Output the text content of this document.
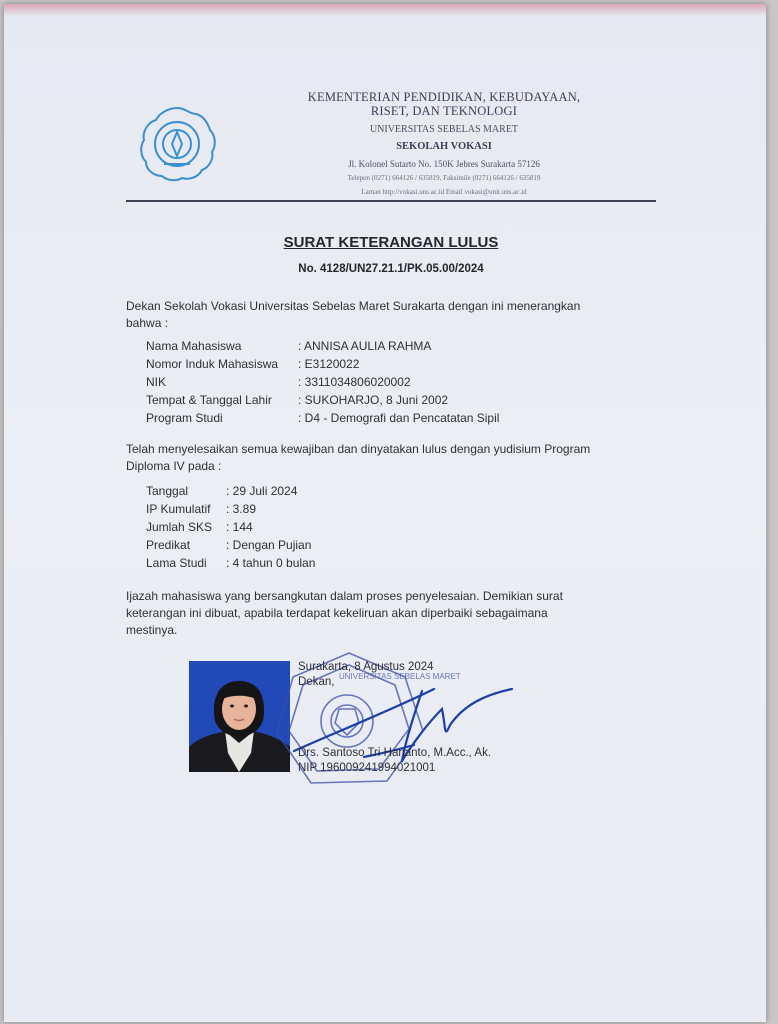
KEMENTERIAN PENDIDIKAN, KEBUDAYAAN,
RISET, DAN TEKNOLOGI
UNIVERSITAS SEBELAS MARET
SEKOLAH VOKASI
Jl. Kolonel Sutarto No. 150K Jebres Surakarta 57126
Telepon (0271) 664126 / 635819, Faksimile (0271) 664126 / 635819
Laman http://vokasi.uns.ac.id Email vokasi@unit.uns.ac.id
SURAT KETERANGAN LULUS
No. 4128/UN27.21.1/PK.05.00/2024
Dekan Sekolah Vokasi Universitas Sebelas Maret Surakarta dengan ini menerangkan
bahwa :
Nama Mahasiswa	: ANNISA AULIA RAHMA
Nomor Induk Mahasiswa : E3120022
NIK	: 3311034806020002
Tempat & Tanggal Lahir : SUKOHARJO, 8 Juni 2002
Program Studi	: D4 - Demografi dan Pencatatan Sipil
Telah menyelesaikan semua kewajiban dan dinyatakan lulus dengan yudisium Program
Diploma IV pada :
Tanggal	: 29 Juli 2024
IP Kumulatif : 3.89
Jumlah SKS : 144
Predikat	: Dengan Pujian
Lama Studi : 4 tahun 0 bulan
Ijazah mahasiswa yang bersangkutan dalam proses penyelesaian. Demikian surat
keterangan ini dibuat, apabila terdapat kekeliruan akan diperbaiki sebagaimana
mestinya.
UNIVERSITAS SEBELAS MARET
Surakarta, 8 Agustus 2024
Dekan,
Drs. Santoso Tri Hananto, M.Acc., Ak.
NIP 196009241994021001
